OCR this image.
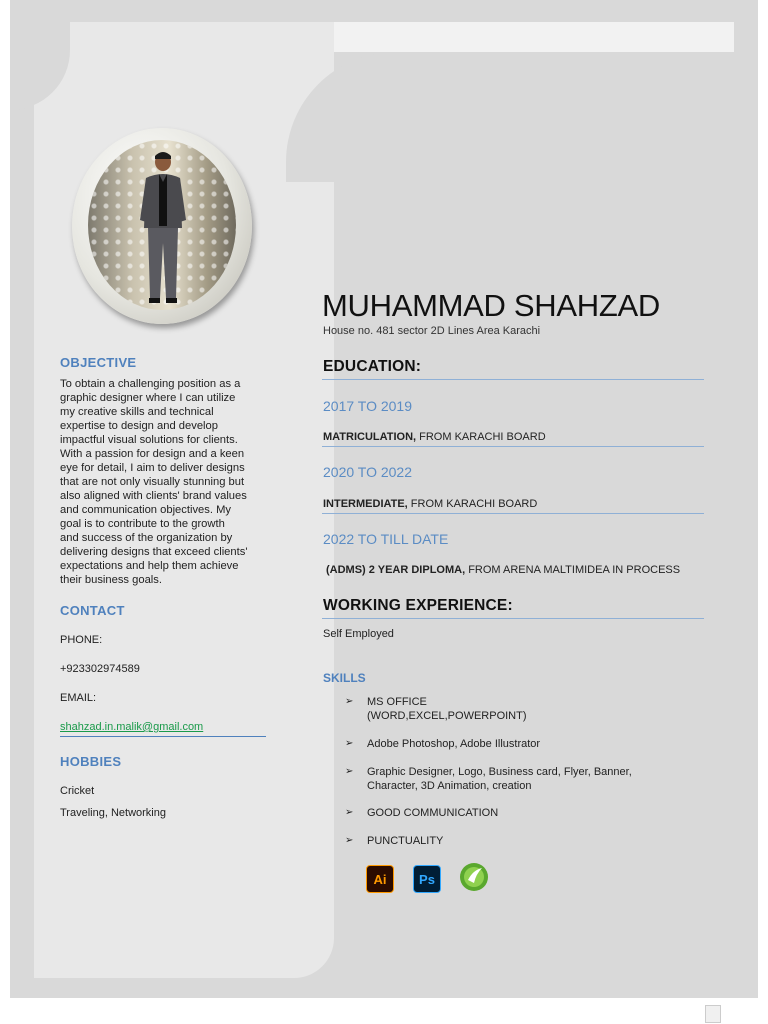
OBJECTIVE
To obtain a challenging position as a
graphic designer where I can utilize
my creative skills and technical
expertise to design and develop
impactful visual solutions for clients.
With a passion for design and a keen
eye for detail, I aim to deliver designs
that are not only visually stunning but
also aligned with clients' brand values
and communication objectives. My
goal is to contribute to the growth
and success of the organization by
delivering designs that exceed clients'
expectations and help them achieve
their business goals.
CONTACT
PHONE:
+923302974589
EMAIL:
shahzad.in.malik@gmail.com
HOBBIES
Cricket
Traveling, Networking
MUHAMMAD SHAHZAD
House no. 481 sector 2D Lines Area Karachi
EDUCATION:
2017 TO 2019
MATRICULATION, FROM KARACHI BOARD
2020 TO 2022
INTERMEDIATE, FROM KARACHI BOARD
2022 TO TILL DATE
(ADMS) 2 YEAR DIPLOMA, FROM ARENA MALTIMIDEA IN PROCESS
WORKING EXPERIENCE:
Self Employed
SKILLS
➢ MS OFFICE
(WORD,EXCEL,POWERPOINT)
➢ Adobe Photoshop, Adobe Illustrator
➢ Graphic Designer, Logo, Business card, Flyer, Banner,
Character, 3D Animation, creation
➢ GOOD COMMUNICATION
➢ PUNCTUALITY
Ai	Ps
